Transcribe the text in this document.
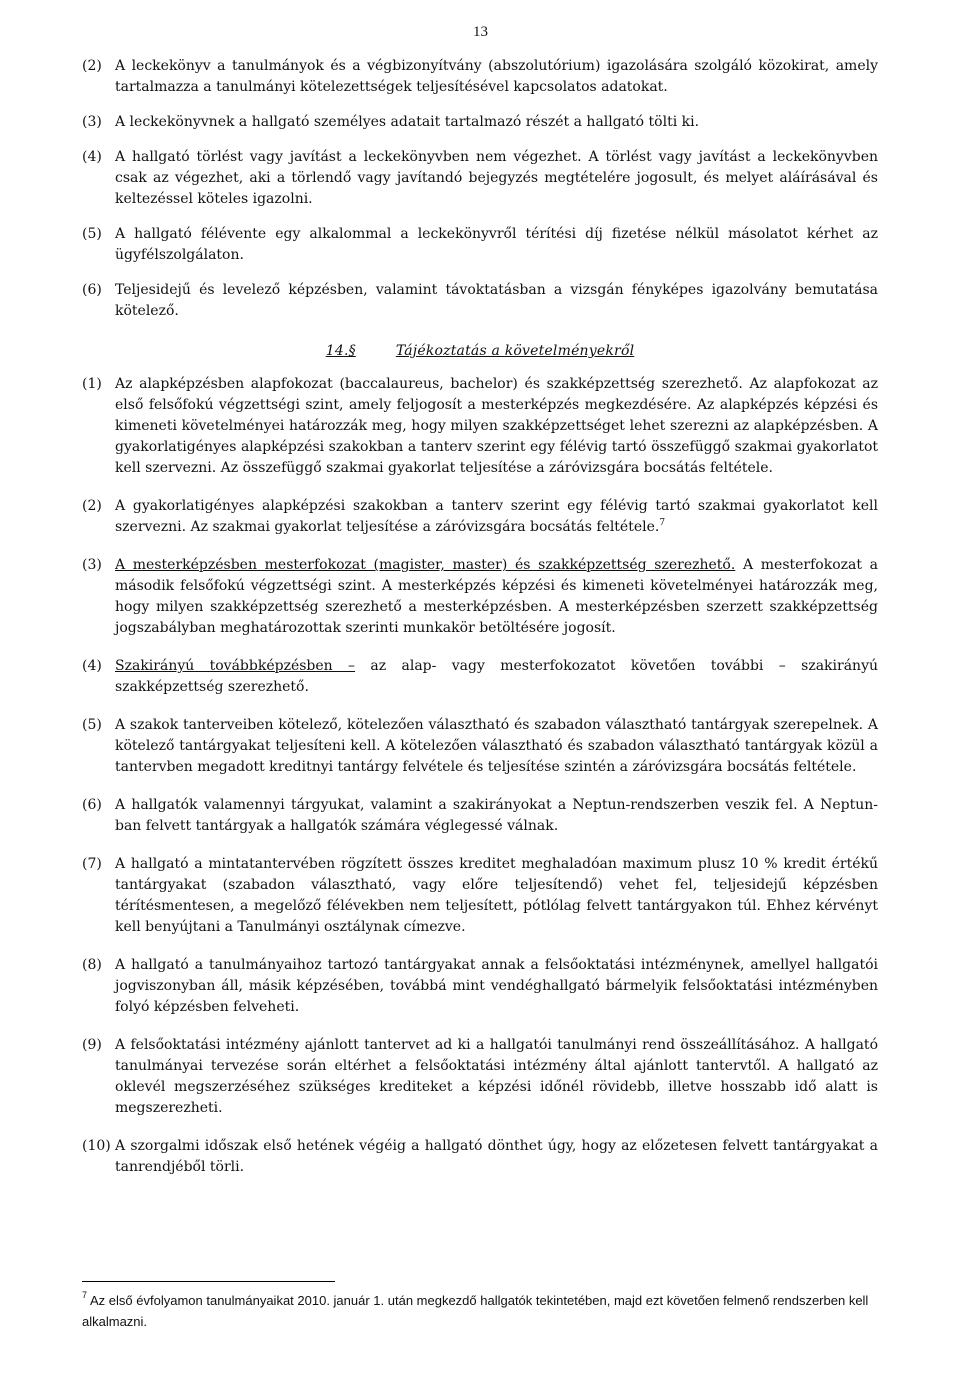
13
(2) A leckekönyv a tanulmányok és a végbizonyítvány (abszolutórium) igazolására szolgáló közokirat, amely tartalmazza a tanulmányi kötelezettségek teljesítésével kapcsolatos adatokat.
(3) A leckekönyvnek a hallgató személyes adatait tartalmazó részét a hallgató tölti ki.
(4) A hallgató törlést vagy javítást a leckekönyvben nem végezhet. A törlést vagy javítást a leckekönyvben csak az végezhet, aki a törlendő vagy javítandó bejegyzés megtételére jogosult, és melyet aláírásával és keltezéssel köteles igazolni.
(5) A hallgató félévente egy alkalommal a leckekönyvről térítési díj fizetése nélkül másolatot kérhet az ügyfélszolgálaton.
(6) Teljesidejű és levelező képzésben, valamint távoktatásban a vizsgán fényképes igazolvány bemutatása kötelező.
14.§	Tájékoztatás a követelményekről
(1) Az alapképzésben alapfokozat (baccalaureus, bachelor) és szakképzettség szerezhető. Az alapfokozat az első felsőfokú végzettségi szint, amely feljogosít a mesterképzés megkezdésére. Az alapképzés képzési és kimeneti követelményei határozzák meg, hogy milyen szakképzettséget lehet szerezni az alapképzésben. A gyakorlatigényes alapképzési szakokban a tanterv szerint egy félévig tartó összefüggő szakmai gyakorlatot kell szervezni. Az összefüggő szakmai gyakorlat teljesítése a záróvizsgára bocsátás feltétele.
(2) A gyakorlatigényes alapképzési szakokban a tanterv szerint egy félévig tartó szakmai gyakorlatot kell szervezni. Az szakmai gyakorlat teljesítése a záróvizsgára bocsátás feltétele.$^7$
(3) A mesterképzésben mesterfokozat (magister, master) és szakképzettség szerezhető. A mesterfokozat a második felsőfokú végzettségi szint. A mesterképzés képzési és kimeneti követelményei határozzák meg, hogy milyen szakképzettség szerezhető a mesterképzésben. A mesterképzésben szerzett szakképzettség jogszabályban meghatározottak szerinti munkakör betöltésére jogosít.
(4) Szakirányú továbbképzésben – az alap- vagy mesterfokozatot követően további – szakirányú szakképzettség szerezhető.
(5) A szakok tanterveiben kötelező, kötelezően választható és szabadon választható tantárgyak szerepelnek. A kötelező tantárgyakat teljesíteni kell. A kötelezően választható és szabadon választható tantárgyak közül a tantervben megadott kreditnyi tantárgy felvétele és teljesítése szintén a záróvizsgára bocsátás feltétele.
(6) A hallgatók valamennyi tárgyukat, valamint a szakirányokat a Neptun-rendszerben veszik fel. A Neptun-ban felvett tantárgyak a hallgatók számára véglegessé válnak.
(7) A hallgató a mintatantervében rögzített összes kreditet meghaladóan maximum plusz 10 % kredit értékű tantárgyakat (szabadon választható, vagy előre teljesítendő) vehet fel, teljesidejű képzésben térítésmentesen, a megelőző félévekben nem teljesített, pótlólag felvett tantárgyakon túl. Ehhez kérvényt kell benyújtani a Tanulmányi osztálynak címezve.
(8) A hallgató a tanulmányaihoz tartozó tantárgyakat annak a felsőoktatási intézménynek, amellyel hallgatói jogviszonyban áll, másik képzésében, továbbá mint vendéghallgató bármelyik felsőoktatási intézményben folyó képzésben felveheti.
(9) A felsőoktatási intézmény ajánlott tantervet ad ki a hallgatói tanulmányi rend összeállításához. A hallgató tanulmányai tervezése során eltérhet a felsőoktatási intézmény által ajánlott tantervtől. A hallgató az oklevél megszerzéséhez szükséges krediteket a képzési időnél rövidebb, illetve hosszabb idő alatt is megszerezheti.
(10) A szorgalmi időszak első hetének végéig a hallgató dönthet úgy, hogy az előzetesen felvett tantárgyakat a tanrendjéből törli.
$^7$ Az első évfolyamon tanulmányaikat 2010. január 1. után megkezdő hallgatók tekintetében, majd ezt követően felmenő rendszerben kell alkalmazni.
